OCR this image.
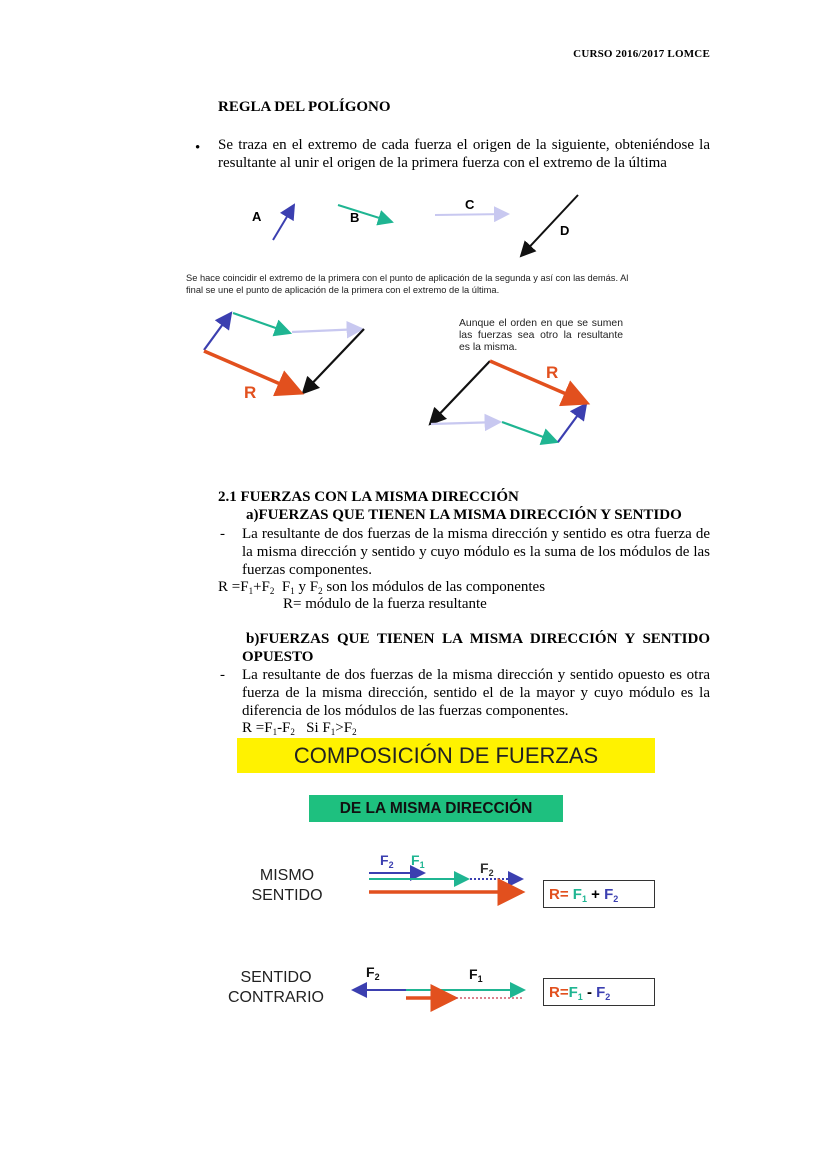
CURSO 2016/2017 LOMCE
REGLA DEL POLÍGONO
• Se traza en el extremo de cada fuerza el origen de la siguiente, obteniéndose la resultante al unir el origen de la primera fuerza con el extremo de la última
A	B
C
D
Se hace coincidir el extremo de la primera con el punto de aplicación de la segunda y así con las demás. Al final se une el punto de aplicación de la primera con el extremo de la última.
Aunque el orden en que se sumen las fuerzas sea otro la resultante es la misma.
R
R
2.1 FUERZAS CON LA MISMA DIRECCIÓN
a)FUERZAS QUE TIENEN LA MISMA DIRECCIÓN Y SENTIDO
- La resultante de dos fuerzas de la misma dirección y sentido es otra fuerza de la misma dirección y sentido y cuyo módulo es la suma de los módulos de las fuerzas componentes.
$R =F_1+F_2$  $F_1$ y $F_2$ son los módulos de las componentes
R= módulo de la fuerza resultante
b)FUERZAS QUE TIENEN LA MISMA DIRECCIÓN Y SENTIDO
OPUESTO
- La resultante de dos fuerzas de la misma dirección y sentido opuesto es otra fuerza de la misma dirección, sentido el de la mayor y cuyo módulo es la diferencia de los módulos de las fuerzas componentes.
$R =F_1-F_2$   Si $F_1>F_2$
COMPOSICIÓN DE FUERZAS
DE LA MISMA DIRECCIÓN
MISMO
SENTIDO
SENTIDO
CONTRARIO
$F_2$ $F_1$	$F_2$
R=
$F_1 + F_2$
$F_2$	$F_1$
$R= F_1 - F_2$
